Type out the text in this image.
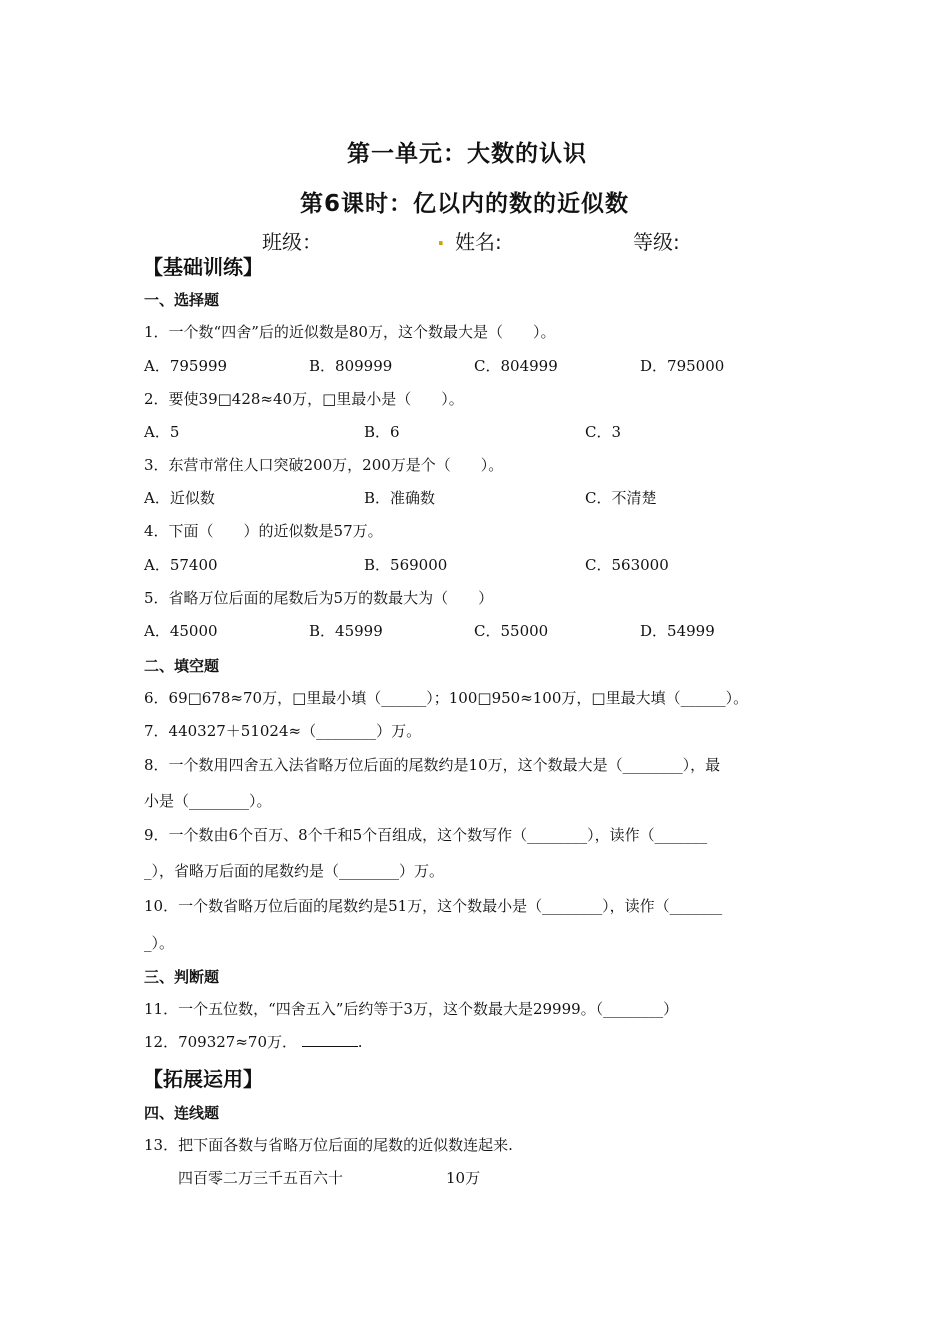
第一单元：大数的认识
第6课时：亿以内的数的近似数
班级：	. 姓名:	等级:
【基础训练】
一、选择题
1．一个数“四舍”后的近似数是80万，这个数最大是（　　）。
A．795999	B．809999	C．804999	D．795000
2．要使39□428≈40万，□里最小是（　　）。
A．5	B．6	C．3
3．东营市常住人口突破200万，200万是个（　　）。
A．近似数	B．准确数	C．不清楚
4．下面（　　）的近似数是57万。
A．57400	B．569000	C．563000
5．省略万位后面的尾数后为5万的数最大为（　　）
A．45000	B．45999	C．55000	D．54999
二、填空题
6．69□678≈70万，□里最小填（______）；100□950≈100万，□里最大填（______）。
7．440327＋51024≈（________）万。
8．一个数用四舍五入法省略万位后面的尾数约是10万，这个数最大是（________），最
小是（________）。
9．一个数由6个百万、8个千和5个百组成，这个数写作（________），读作（_______
_），省略万后面的尾数约是（________）万。
10．一个数省略万位后面的尾数约是51万，这个数最小是（________），读作（_______
_）。
三、判断题
11．一个五位数，“四舍五入”后约等于3万，这个数最大是29999。（________）
12．709327≈70万．	.
【拓展运用】
四、连线题
13．把下面各数与省略万位后面的尾数的近似数连起来.
四百零二万三千五百六十	10万
